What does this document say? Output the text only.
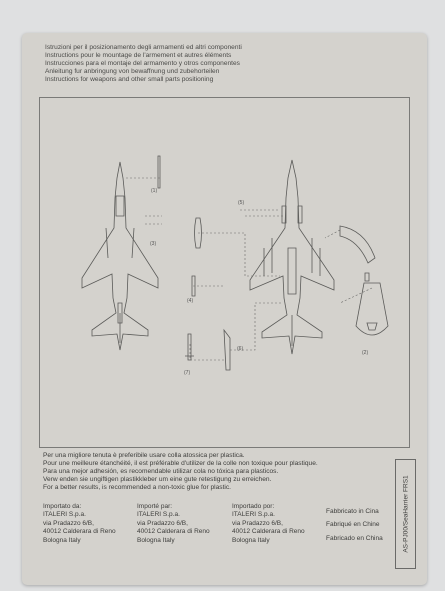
Istruzioni per il posizionamento degli armamenti ed altri componenti
Instructions pour le mountage de l'armement et autres éléments
Instrucciones para el montaje del armamento y otros componentes
Anleitung fur anbringung von bewaffnung und zubehorteilen
Instructions for weapons and other small parts positioning
(1)
(2)
(3)
(4)
(5)
(6)
(7)
Per una migliore tenuta è preferibile usare colla atossica per plastica.
Pour une meilleure étanchéité, il est préférable d'utilizer de la colle non toxique pour plastique.
Para una mejor adhesión, es recomendable utilizar cola no tóxica para plasticos.
Verw enden sie ungiftigen plastikkleber um eine gute retestigung zu erreichen.
For a better results, is recommended a non-toxic glue for plastic.
Importato da:
ITALERI S.p.a.
via Pradazzo 6/B,
40012 Calderara di Reno
Bologna Italy
Importé par:
ITALERI S.p.a.
via Pradazzo 6/B,
40012 Calderara di Reno
Bologna Italy
Importado por:
ITALERI S.p.a.
via Pradazzo 6/B,
40012 Calderara di Reno
Bologna Italy
Fabbricato in Cina
Fabriqué en Chine
Fabricado en China	AS-PJ00/SeaHarrier FRS1
